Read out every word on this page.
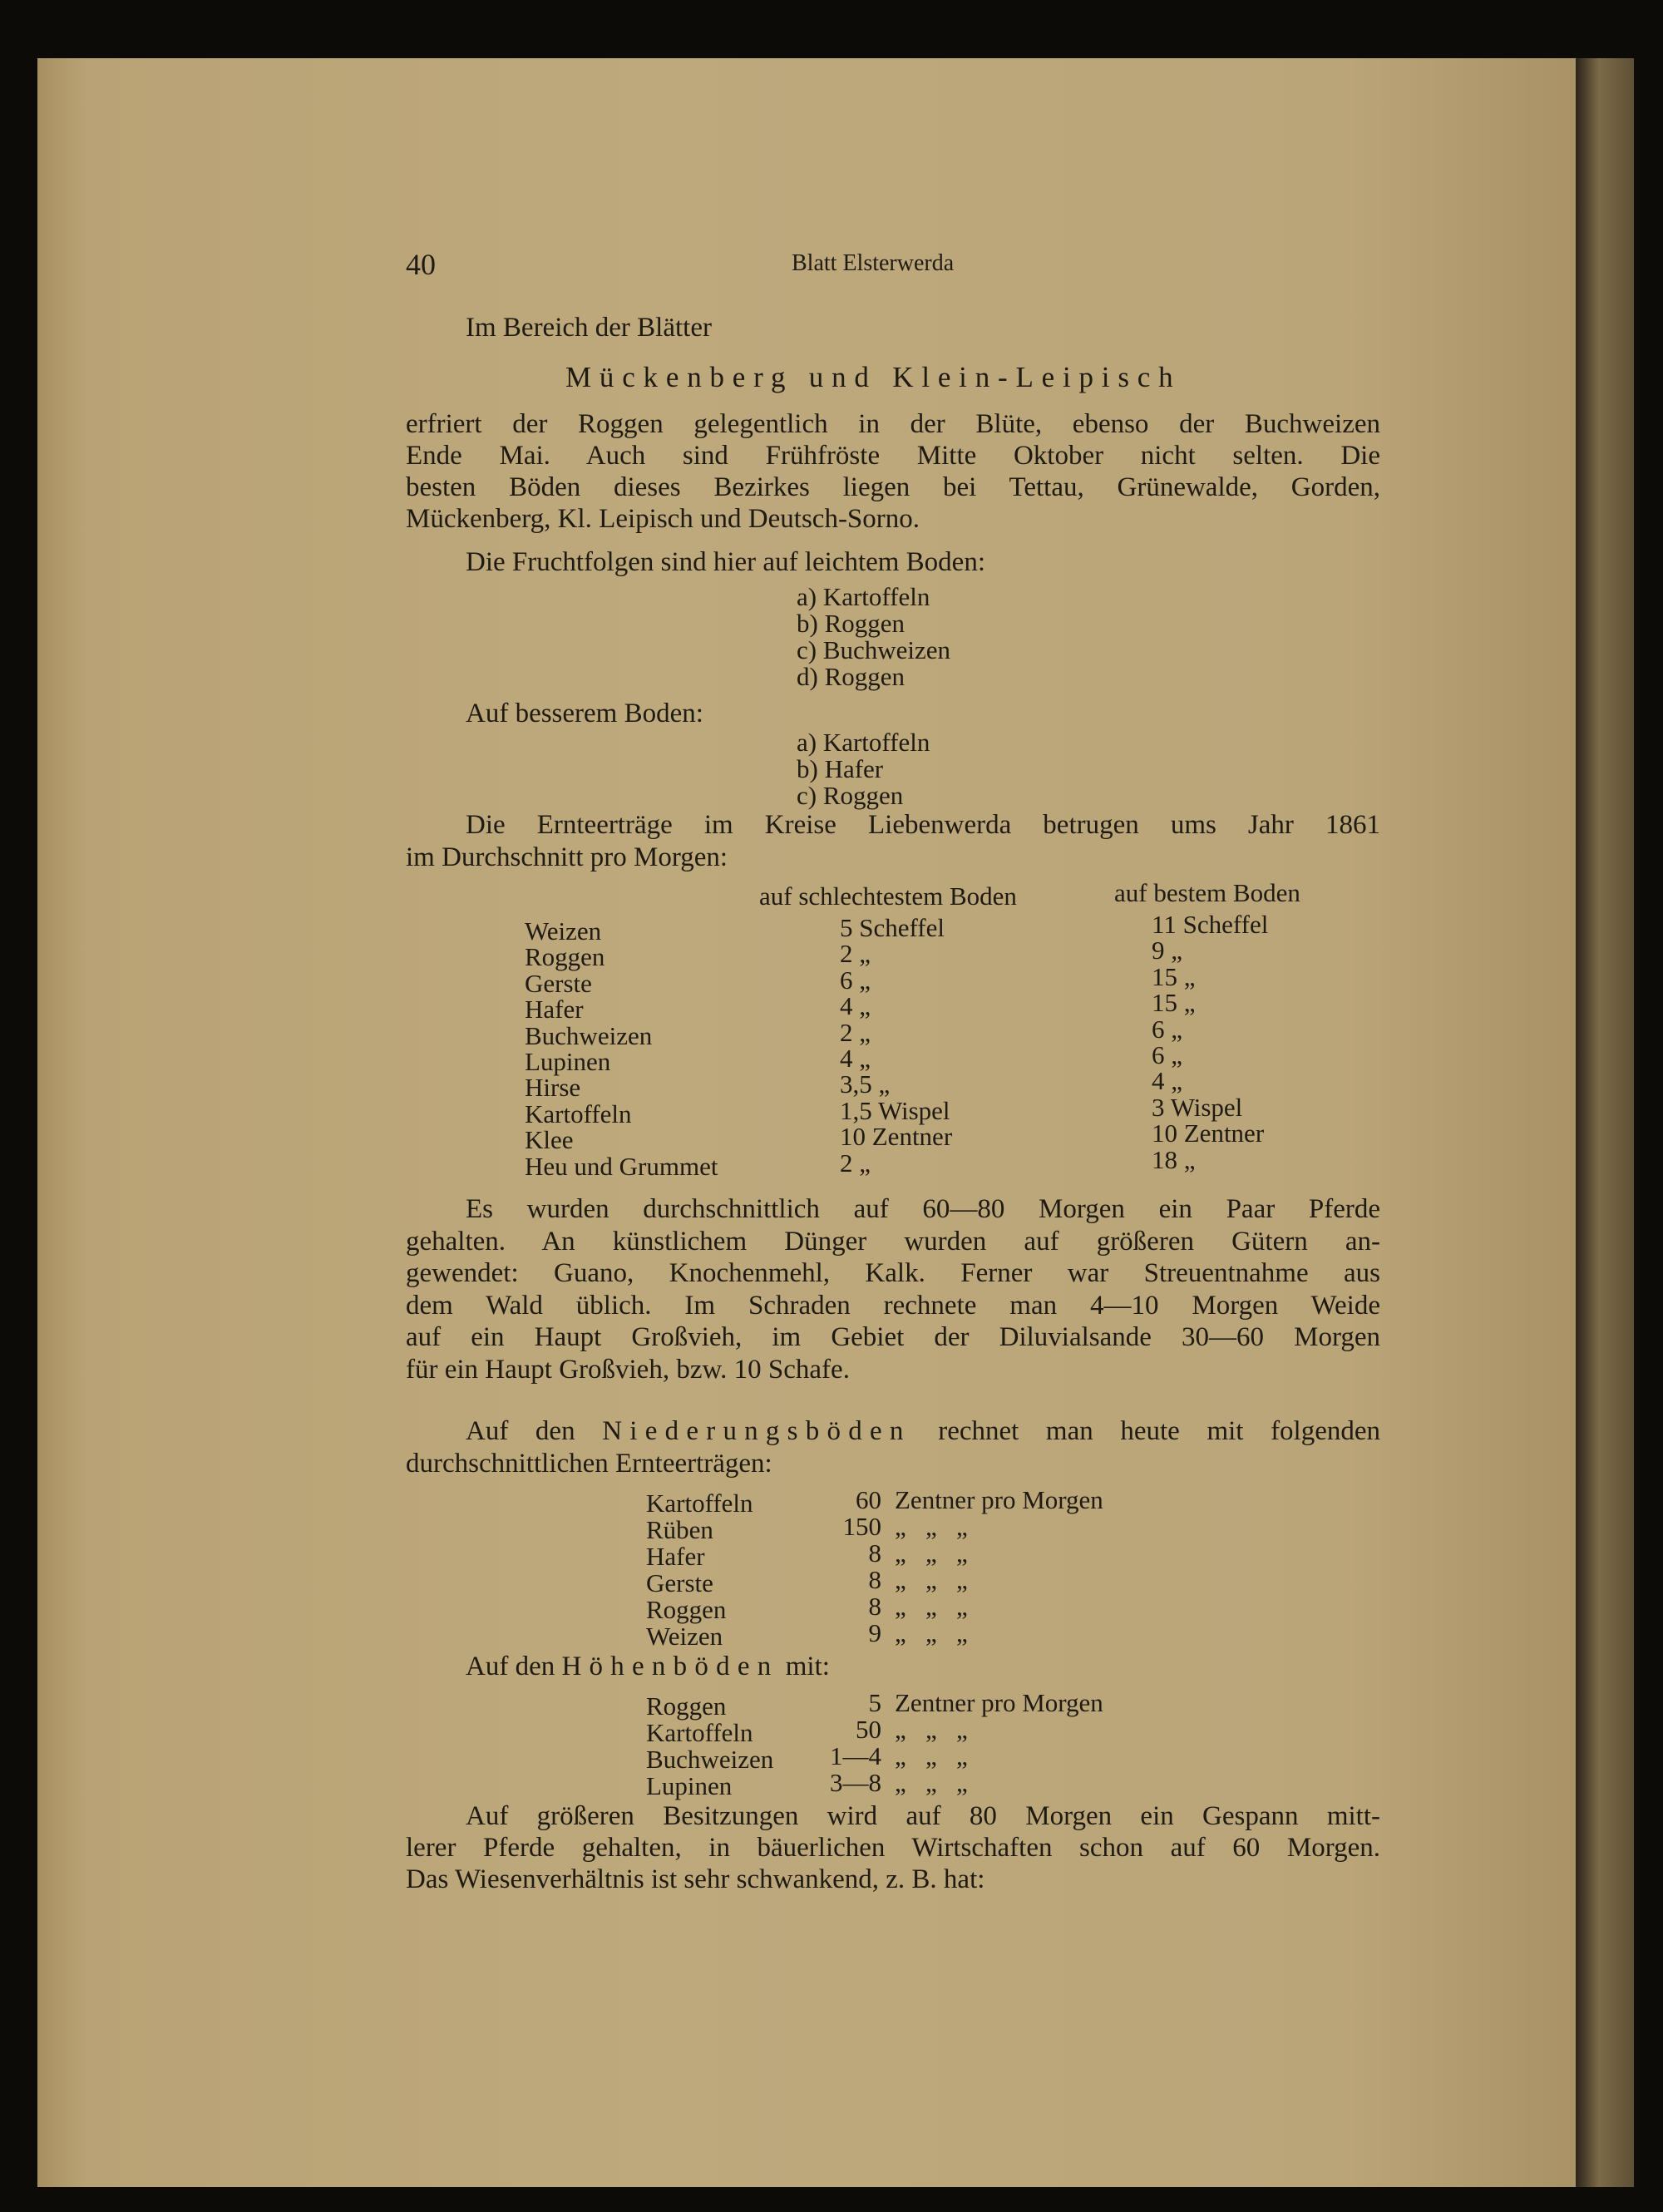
40	Blatt Elsterwerda
Im Bereich der Blätter
Mückenberg und Klein-Leipisch
erfriert der Roggen gelegentlich in der Blüte, ebenso der Buchweizen
Ende Mai. Auch sind Frühfröste Mitte Oktober nicht selten. Die
besten Böden dieses Bezirkes liegen bei Tettau, Grünewalde, Gorden,
Mückenberg, Kl. Leipisch und Deutsch-Sorno.
Die Fruchtfolgen sind hier auf leichtem Boden:
a) Kartoffeln
b) Roggen
c) Buchweizen
d) Roggen
Auf besserem Boden:
a) Kartoffeln
b) Hafer
c) Roggen
Die Ernteerträge im Kreise Liebenwerda betrugen ums Jahr 1861
im Durchschnitt pro Morgen:
auf schlechtestem Boden	auf bestem Boden
Weizen	5 Scheffel	11 Scheffel
Roggen	2 „	9 „
Gerste	6 „	15 „
Hafer	4 „	15 „
Buchweizen	2 „	6 „
Lupinen	4 „	6 „
Hirse	3,5 „	4 „
Kartoffeln	1,5 Wispel	3 Wispel
Klee	10 Zentner	10 Zentner
Heu und Grummet	2 „	18 „
Es wurden durchschnittlich auf 60—80 Morgen ein Paar Pferde
gehalten. An künstlichem Dünger wurden auf größeren Gütern an-
gewendet: Guano, Knochenmehl, Kalk. Ferner war Streuentnahme aus
dem Wald üblich. Im Schraden rechnete man 4—10 Morgen Weide
auf ein Haupt Großvieh, im Gebiet der Diluvialsande 30—60 Morgen
für ein Haupt Großvieh, bzw. 10 Schafe.
Auf den Niederungsböden rechnet man heute mit folgenden
durchschnittlichen Ernteerträgen:
Kartoffeln	60 Zentner pro Morgen
Rüben	150 „   „   „
Hafer	8 „   „   „
Gerste	8 „   „   „
Roggen	8 „   „   „
Weizen	9 „   „   „
Auf den Höhenböden mit:
Roggen	5 Zentner pro Morgen
Kartoffeln	50 „   „   „
Buchweizen	1—4 „   „   „
Lupinen	3—8 „   „   „
Auf größeren Besitzungen wird auf 80 Morgen ein Gespann mitt-
lerer Pferde gehalten, in bäuerlichen Wirtschaften schon auf 60 Morgen.
Das Wiesenverhältnis ist sehr schwankend, z. B. hat:
